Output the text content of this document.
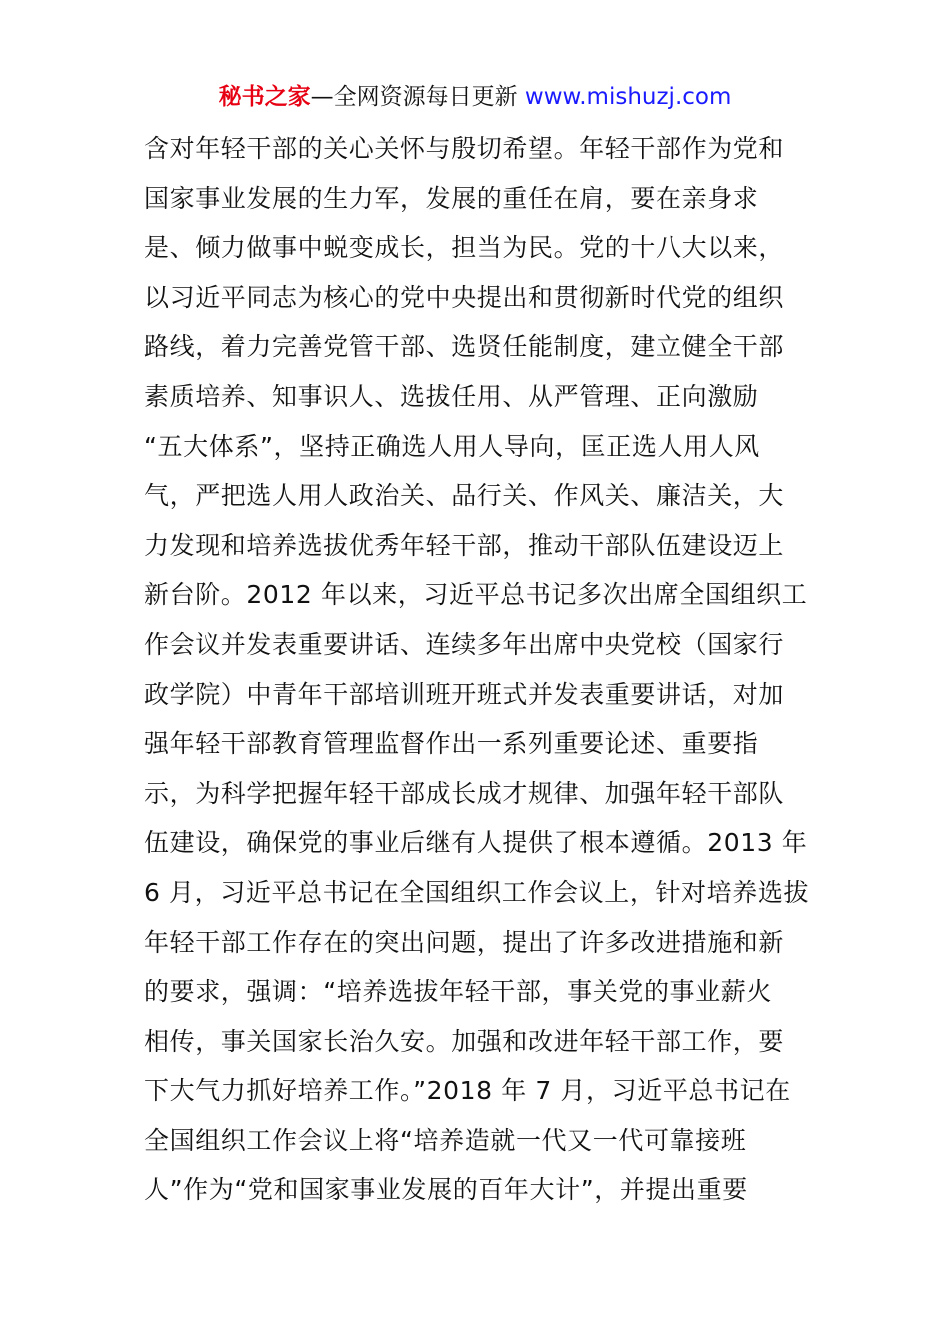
秘书之家—全网资源每日更新 www.mishuzj.com
含对年轻干部的关心关怀与殷切希望。年轻干部作为党和
国家事业发展的生力军，发展的重任在肩，要在亲身求
是、倾力做事中蜕变成长，担当为民。党的十八大以来，
以习近平同志为核心的党中央提出和贯彻新时代党的组织
路线，着力完善党管干部、选贤任能制度，建立健全干部
素质培养、知事识人、选拔任用、从严管理、正向激励
“五大体系”，坚持正确选人用人导向，匡正选人用人风
气，严把选人用人政治关、品行关、作风关、廉洁关，大
力发现和培养选拔优秀年轻干部，推动干部队伍建设迈上
新台阶。2012 年以来，习近平总书记多次出席全国组织工
作会议并发表重要讲话、连续多年出席中央党校（国家行
政学院）中青年干部培训班开班式并发表重要讲话，对加
强年轻干部教育管理监督作出一系列重要论述、重要指
示，为科学把握年轻干部成长成才规律、加强年轻干部队
伍建设，确保党的事业后继有人提供了根本遵循。2013 年
6 月，习近平总书记在全国组织工作会议上，针对培养选拔
年轻干部工作存在的突出问题，提出了许多改进措施和新
的要求，强调：“培养选拔年轻干部，事关党的事业薪火
相传，事关国家长治久安。加强和改进年轻干部工作，要
下大气力抓好培养工作。”2018 年 7 月，习近平总书记在
全国组织工作会议上将“培养造就一代又一代可靠接班
人”作为“党和国家事业发展的百年大计”，并提出重要
